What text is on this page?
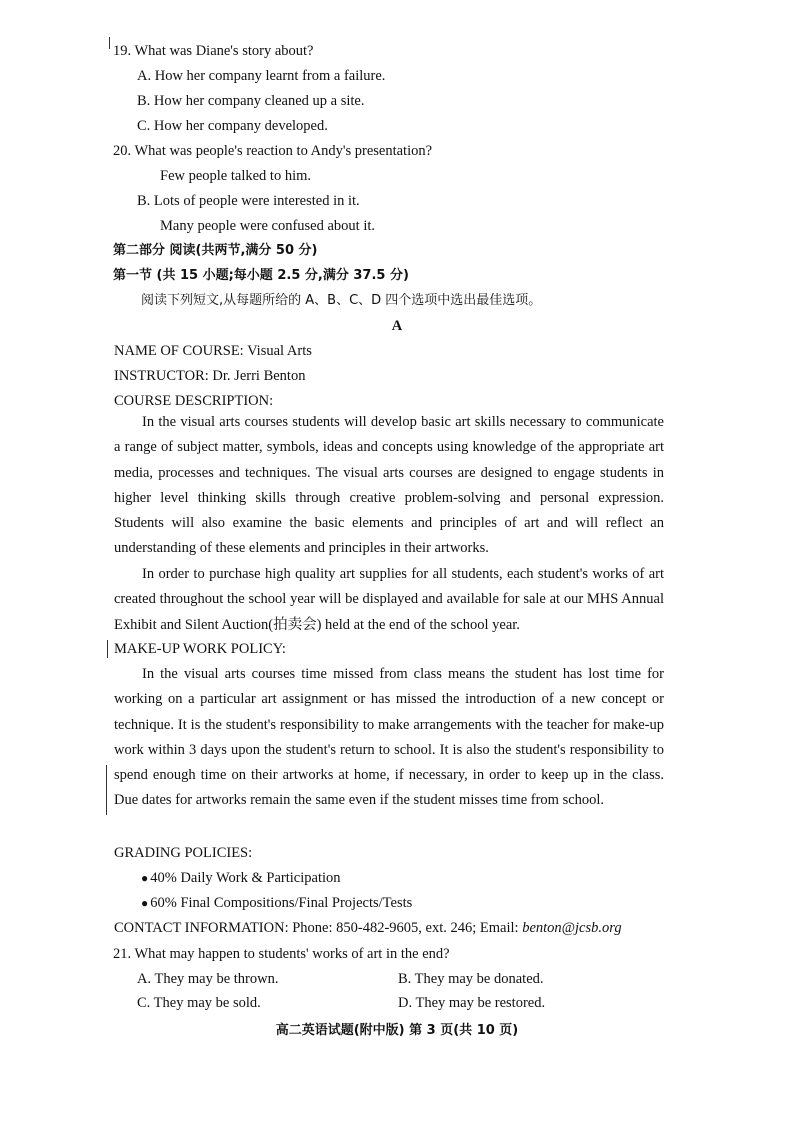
19. What was Diane's story about?
A. How her company learnt from a failure.
B. How her company cleaned up a site.
C. How her company developed.
20. What was people's reaction to Andy's presentation?
Few people talked to him.
B. Lots of people were interested in it.
Many people were confused about it.
第二部分 阅读(共两节,满分 50 分)
第一节 (共 15 小题;每小题 2.5 分,满分 37.5 分)
阅读下列短文,从每题所给的 A、B、C、D 四个选项中选出最佳选项。
A
NAME OF COURSE: Visual Arts
INSTRUCTOR: Dr. Jerri Benton
COURSE DESCRIPTION:
In the visual arts courses students will develop basic art skills necessary to communicate a range of subject matter, symbols, ideas and concepts using knowledge of the appropriate art media, processes and techniques. The visual arts courses are designed to engage students in higher level thinking skills through creative problem-solving and personal expression. Students will also examine the basic elements and principles of art and will reflect an understanding of these elements and principles in their artworks.
In order to purchase high quality art supplies for all students, each student's works of art created throughout the school year will be displayed and available for sale at our MHS Annual Exhibit and Silent Auction(拍卖会) held at the end of the school year.
MAKE-UP WORK POLICY:
In the visual arts courses time missed from class means the student has lost time for working on a particular art assignment or has missed the introduction of a new concept or technique. It is the student's responsibility to make arrangements with the teacher for make-up work within 3 days upon the student's return to school. It is also the student's responsibility to spend enough time on their artworks at home, if necessary, in order to keep up in the class. Due dates for artworks remain the same even if the student misses time from school.
GRADING POLICIES:
● 40% Daily Work & Participation
● 60% Final Compositions/Final Projects/Tests
CONTACT INFORMATION: Phone: 850-482-9605, ext. 246; Email: benton@jcsb.org
21. What may happen to students' works of art in the end?
A. They may be thrown.	B. They may be donated.
C. They may be sold.	D. They may be restored.
高二英语试题(附中版) 第 3 页(共 10 页)
